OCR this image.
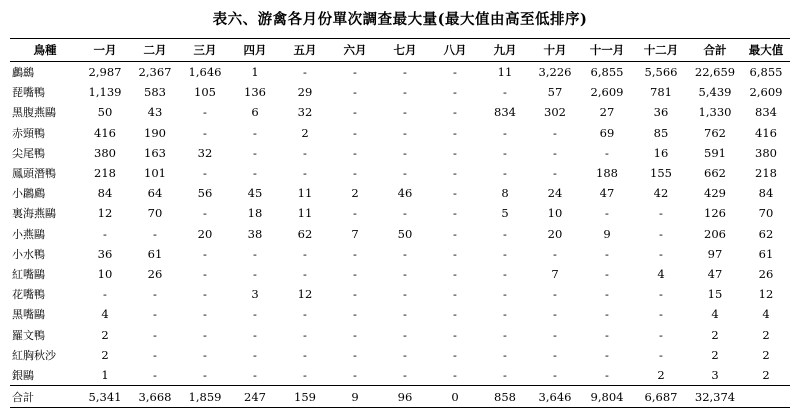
表六、游禽各月份單次調查最大量(最大值由高至低排序)
鳥種	一月	二月	三月	四月	五月	六月	七月	八月	九月	十月	十一月	十二月	合計	最大值
鸕鷀	2,987	2,367	1,646	1	-	-	-	-	11	3,226	6,855	5,566	22,659	6,855
琵嘴鴨	1,139	583	105	136	29	-	-	-	-	57	2,609	781	5,439	2,609
黑腹燕鷗	50	43	-	6	32	-	-	-	834	302	27	36	1,330	834
赤頸鴨	416	190	-	-	2	-	-	-	-	-	69	85	762	416
尖尾鴨	380	163	32	-	-	-	-	-	-	-	-	16	591	380
鳳頭潛鴨	218	101	-	-	-	-	-	-	-	-	188	155	662	218
小鸊鷉	84	64	56	45	11	2	46	-	8	24	47	42	429	84
裏海燕鷗	12	70	-	18	11	-	-	-	5	10	-	-	126	70
小燕鷗	-	-	20	38	62	7	50	-	-	20	9	-	206	62
小水鴨	36	61	-	-	-	-	-	-	-	-	-	-	97	61
紅嘴鷗	10	26	-	-	-	-	-	-	-	7	-	4	47	26
花嘴鴨	-	-	-	3	12	-	-	-	-	-	-	-	15	12
黑嘴鷗	4	-	-	-	-	-	-	-	-	-	-	-	4	4
羅文鴨	2	-	-	-	-	-	-	-	-	-	-	-	2	2
紅胸秋沙	2	-	-	-	-	-	-	-	-	-	-	-	2	2
銀鷗	1	-	-	-	-	-	-	-	-	-	-	2	3	2
合計	5,341	3,668	1,859	247	159	9	96	0	858	3,646	9,804	6,687	32,374	
